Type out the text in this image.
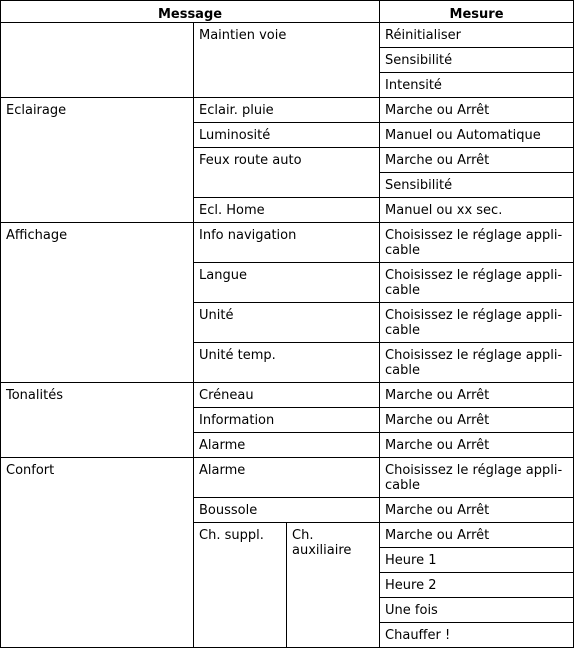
Message			Mesure
	Maintien voie		Réinitialiser
			Sensibilité
			Intensité
Eclairage	Eclair. pluie		Marche ou Arrêt
	Luminosité		Manuel ou Automatique
	Feux route auto		Marche ou Arrêt
			Sensibilité
	Ecl. Home		Manuel ou xx sec.
Affichage	Info navigation		Choisissez le réglage appli-cable
	Langue		Choisissez le réglage appli-cable
	Unité		Choisissez le réglage appli-cable
	Unité temp.		Choisissez le réglage appli-cable
Tonalités	Créneau		Marche ou Arrêt
	Information		Marche ou Arrêt
	Alarme		Marche ou Arrêt
Confort	Alarme		Choisissez le réglage appli-cable
	Boussole		Marche ou Arrêt
	Ch. suppl.	Ch. auxiliaire	Marche ou Arrêt
			Heure 1
			Heure 2
			Une fois
			Chauffer !
